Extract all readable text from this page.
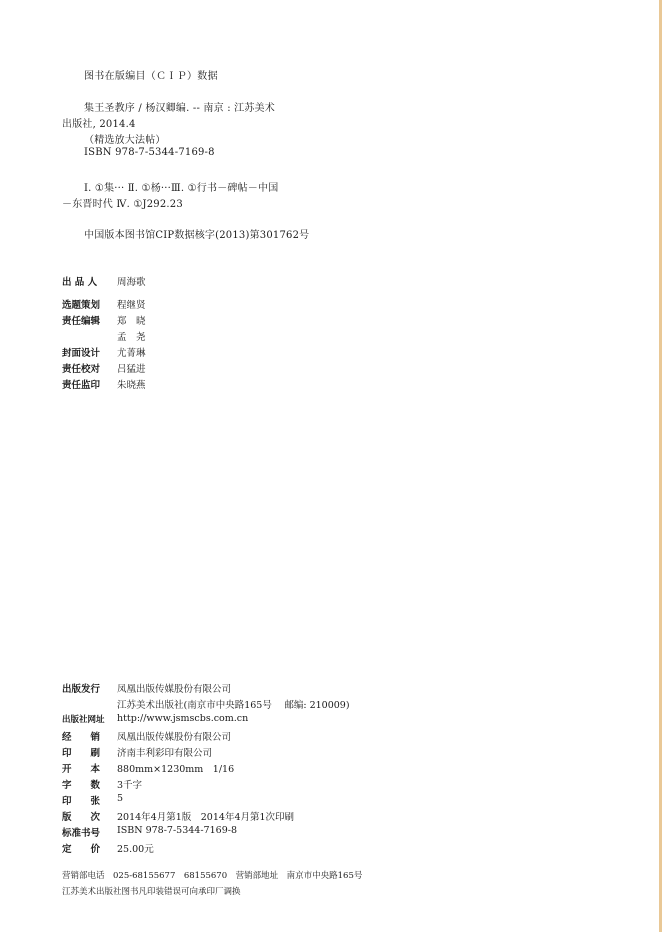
图书在版编目（ＣＩＰ）数据
集王圣教序 / 杨汉卿编. -- 南京 : 江苏美术
出版社, 2014.4
（精选放大法帖）
ISBN 978-7-5344-7169-8
Ⅰ. ①集··· Ⅱ. ①杨···Ⅲ. ①行书－碑帖－中国
－东晋时代 Ⅳ. ①J292.23
中国版本图书馆CIP数据核字(2013)第301762号
出 品 人	周海歌
选题策划	程继贤
责任编辑	郑　晓
孟　尧
封面设计	尤菁琳
责任校对	吕猛进
责任监印	朱晓燕
出版发行 凤凰出版传媒股份有限公司
江苏美术出版社(南京市中央路165号　 邮编: 210009)
出版社网址 http://www.jsmscbs.com.cn
经　　销 凤凰出版传媒股份有限公司
印　　刷 济南丰利彩印有限公司
开　　本 880mm×1230mm　1/16
字　　数 3千字
印　　张 5
版　　次 2014年4月第1版　2014年4月第1次印刷
标准书号 ISBN 978-7-5344-7169-8
定　　价 25.00元
营销部电话　025-68155677　68155670　营销部地址　南京市中央路165号
江苏美术出版社图书凡印装错误可向承印厂调换
